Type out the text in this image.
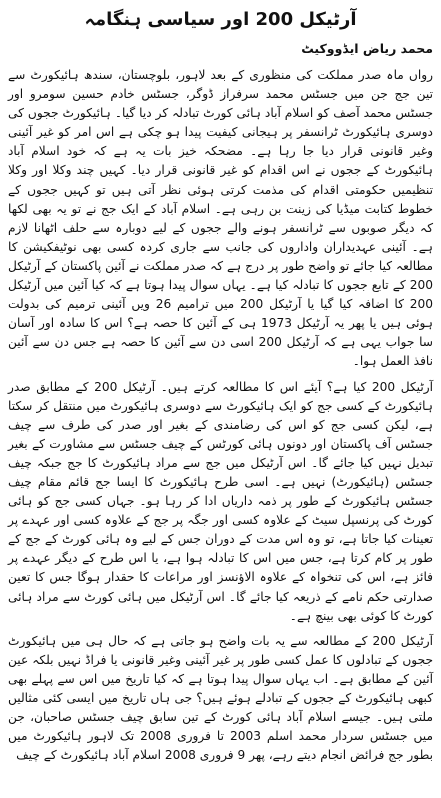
آرٹیکل 200 اور سیاسی ہنگامہ
محمد ریاض ایڈووکیٹ

رواں ماہ صدر مملکت کی منظوری کے بعد لاہور، بلوچستان، سندھ ہائیکورٹ سے تین جج جن میں جسٹس محمد سرفراز ڈوگر، جسٹس خادم حسین سومرو اور جسٹس محمد آصف کو اسلام آباد ہائی کورٹ تبادلہ کر دیا گیا۔ ہائیکورٹ ججوں کی دوسری ہائیکورٹ ٹرانسفر پر ہیجانی کیفیت پیدا ہو چکی ہے اس امر کو غیر آئینی وغیر قانونی قرار دیا جا رہا ہے۔ مضحکہ خیز بات یہ ہے کہ خود اسلام آباد ہائیکورٹ کے ججوں نے اس اقدام کو غیر قانونی قرار دیا۔ کہیں چند وکلا اور وکلا تنظیمیں حکومتی اقدام کی مذمت کرتی ہوئی نظر آتی ہیں تو کہیں ججوں کے خطوط کتابت میڈیا کی زینت بن رہی ہے۔ اسلام آباد کے ایک جج نے تو یہ بھی لکھا کہ دیگر صوبوں سے ٹرانسفر ہونے والے ججوں کے لیے دوبارہ سے حلف اٹھانا لازم ہے۔ آئینی عہدیداران واداروں کی جانب سے جاری کردہ کسی بھی نوٹیفکیشن کا مطالعہ کیا جائے تو واضح طور پر درج ہے کہ صدر مملکت نے آئین پاکستان کے آرٹیکل 200 کے تابع ججوں کا تبادلہ کیا ہے۔ یہاں سوال پیدا ہوتا ہے کہ کیا آئین میں آرٹیکل 200 کا اضافہ کیا گیا یا آرٹیکل 200 میں ترامیم 26 ویں آئینی ترمیم کی بدولت ہوئی ہیں یا پھر یہ آرٹیکل 1973 ہی کے آئین کا حصہ ہے؟ اس کا سادہ اور آسان سا جواب یہی ہے کہ آرٹیکل 200 اسی دن سے آئین کا حصہ ہے جس دن سے آئین نافذ العمل ہوا۔

آرٹیکل 200 کیا ہے؟ آیئے اس کا مطالعہ کرتے ہیں۔ آرٹیکل 200 کے مطابق صدر ہائیکورٹ کے کسی جج کو ایک ہائیکورٹ سے دوسری ہائیکورٹ میں منتقل کر سکتا ہے، لیکن کسی جج کو اس کی رضامندی کے بغیر اور صدر کی طرف سے چیف جسٹس آف پاکستان اور دونوں ہائی کورٹس کے چیف جسٹس سے مشاورت کے بغیر تبدیل نہیں کیا جائے گا۔ اس آرٹیکل میں جج سے مراد ہائیکورٹ کا جج جبکہ چیف جسٹس (ہائیکورٹ) نہیں ہے۔ اسی طرح ہائیکورٹ کا ایسا جج قائم مقام چیف جسٹس ہائیکورٹ کے طور پر ذمہ داریاں ادا کر رہا ہو۔ جہاں کسی جج کو ہائی کورٹ کی پرنسپل سیٹ کے علاوہ کسی اور جگہ پر جج کے علاوہ کسی اور عہدے پر تعینات کیا جاتا ہے، تو وہ اس مدت کے دوران جس کے لیے وہ ہائی کورٹ کے جج کے طور پر کام کرتا ہے، جس میں اس کا تبادلہ ہوا ہے، یا اس طرح کے دیگر عہدے پر فائز ہے، اس کی تنخواہ کے علاوہ الاؤنسز اور مراعات کا حقدار ہوگا جس کا تعین صدارتی حکم نامے کے ذریعہ کیا جائے گا۔ اس آرٹیکل میں ہائی کورٹ سے مراد ہائی کورٹ کا کوئی بھی بینچ ہے۔

آرٹیکل 200 کے مطالعہ سے یہ بات واضح ہو جاتی ہے کہ حال ہی میں ہائیکورٹ ججوں کے تبادلوں کا عمل کسی طور پر غیر آئینی وغیر قانونی یا فراڈ نہیں بلکہ عین آئین کے مطابق ہے۔ اب یہاں سوال پیدا ہوتا ہے کہ کیا تاریخ میں اس سے پہلے بھی کبھی ہائیکورٹ کے ججوں کے تبادلے ہوئے ہیں؟ جی ہاں تاریخ میں ایسی کئی مثالیں ملتی ہیں۔ جیسے اسلام آباد ہائی کورٹ کے تین سابق چیف جسٹس صاحبان، جن میں جسٹس سردار محمد اسلم 2003 تا فروری 2008 تک لاہور ہائیکورٹ میں بطور جج فرائض انجام دیتے رہے، پھر 9 فروری 2008 اسلام آباد ہائیکورٹ کے چیف
